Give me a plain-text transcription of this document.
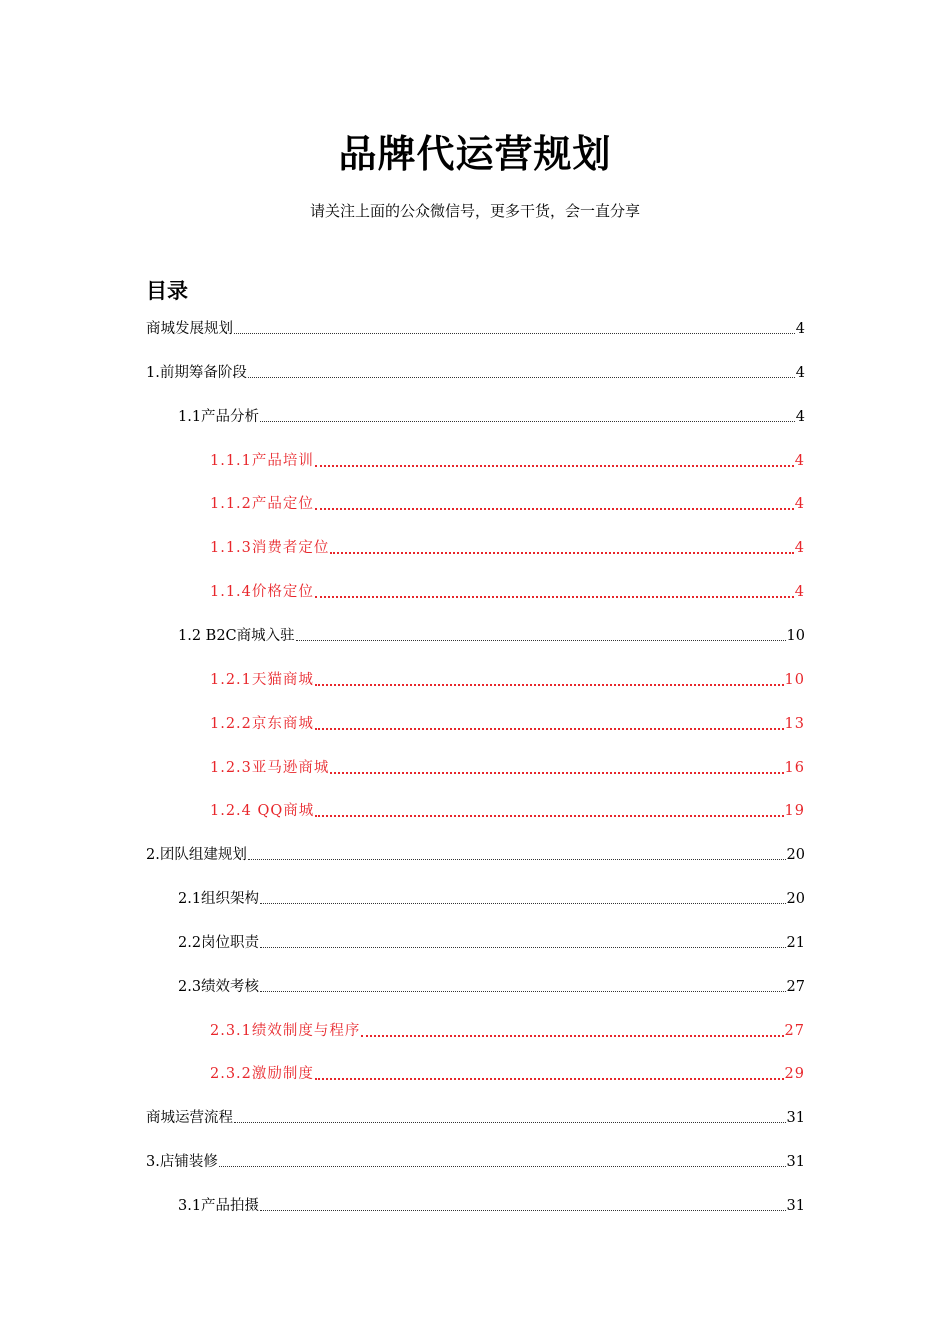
品牌代运营规划
请关注上面的公众微信号，更多干货，会一直分享
目录
商城发展规划	4
1.前期筹备阶段	4
1.1产品分析	4
1.1.1产品培训	4
1.1.2产品定位	4
1.1.3消费者定位	4
1.1.4价格定位	4
1.2 B2C商城入驻	10
1.2.1天猫商城	10
1.2.2京东商城	13
1.2.3亚马逊商城	16
1.2.4 QQ商城	19
2.团队组建规划	20
2.1组织架构	20
2.2岗位职责	21
2.3绩效考核	27
2.3.1绩效制度与程序	27
2.3.2激励制度	29
商城运营流程	31
3.店铺装修	31
3.1产品拍摄	31
